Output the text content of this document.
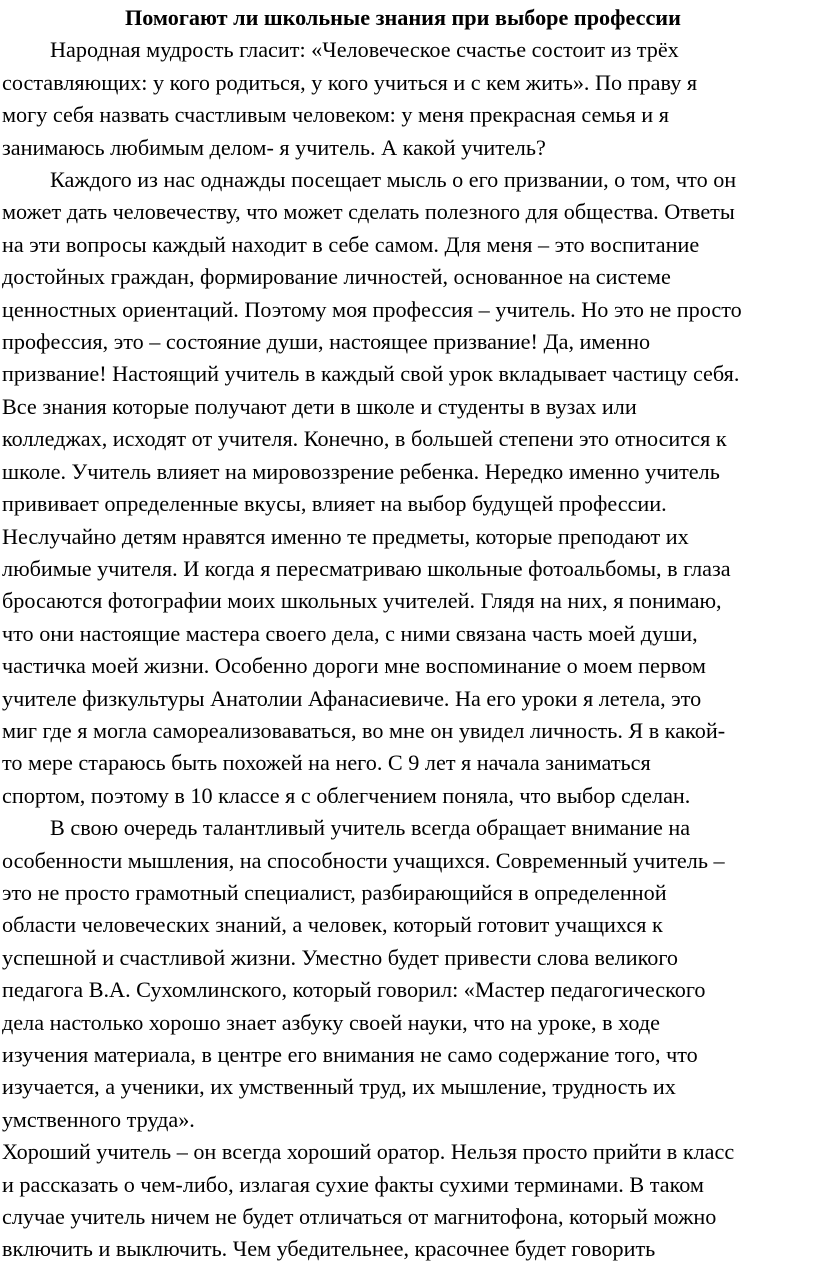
Помогают ли школьные знания при выборе профессии
Народная мудрость гласит: «Человеческое счастье состоит из трёх
составляющих: у кого родиться, у кого учиться и с кем жить». По праву я
могу себя назвать счастливым человеком: у меня прекрасная семья и я
занимаюсь любимым делом- я учитель. А какой учитель?
Каждого из нас однажды посещает мысль о его призвании, о том, что он
может дать человечеству, что может сделать полезного для общества. Ответы
на эти вопросы каждый находит в себе самом. Для меня – это воспитание
достойных граждан, формирование личностей, основанное на системе
ценностных ориентаций. Поэтому моя профессия – учитель. Но это не просто
профессия, это – состояние души, настоящее призвание! Да, именно
призвание! Настоящий учитель в каждый свой урок вкладывает частицу себя.
Все знания которые получают дети в школе и студенты в вузах или
колледжах, исходят от учителя. Конечно, в большей степени это относится к
школе. Учитель влияет на мировоззрение ребенка. Нередко именно учитель
прививает определенные вкусы, влияет на выбор будущей профессии.
Неслучайно детям нравятся именно те предметы, которые преподают их
любимые учителя. И когда я пересматриваю школьные фотоальбомы, в глаза
бросаются фотографии моих школьных учителей. Глядя на них, я понимаю,
что они настоящие мастера своего дела, с ними связана часть моей души,
частичка моей жизни. Особенно дороги мне воспоминание о моем первом
учителе физкультуры Анатолии Афанасиевиче. На его уроки я летела, это
миг где я могла самореализоваваться, во мне он увидел личность. Я в какой-
то мере стараюсь быть похожей на него. С 9 лет я начала заниматься
спортом, поэтому в 10 классе я с облегчением поняла, что выбор сделан.
В свою очередь талантливый учитель всегда обращает внимание на
особенности мышления, на способности учащихся. Современный учитель –
это не просто грамотный специалист, разбирающийся в определенной
области человеческих знаний, а человек, который готовит учащихся к
успешной и счастливой жизни. Уместно будет привести слова великого
педагога В.А. Сухомлинского, который говорил: «Мастер педагогического
дела настолько хорошо знает азбуку своей науки, что на уроке, в ходе
изучения материала, в центре его внимания не само содержание того, что
изучается, а ученики, их умственный труд, их мышление, трудность их
умственного труда».
Хороший учитель – он всегда хороший оратор. Нельзя просто прийти в класс
и рассказать о чем-либо, излагая сухие факты сухими терминами. В таком
случае учитель ничем не будет отличаться от магнитофона, который можно
включить и выключить. Чем убедительнее, красочнее будет говорить
